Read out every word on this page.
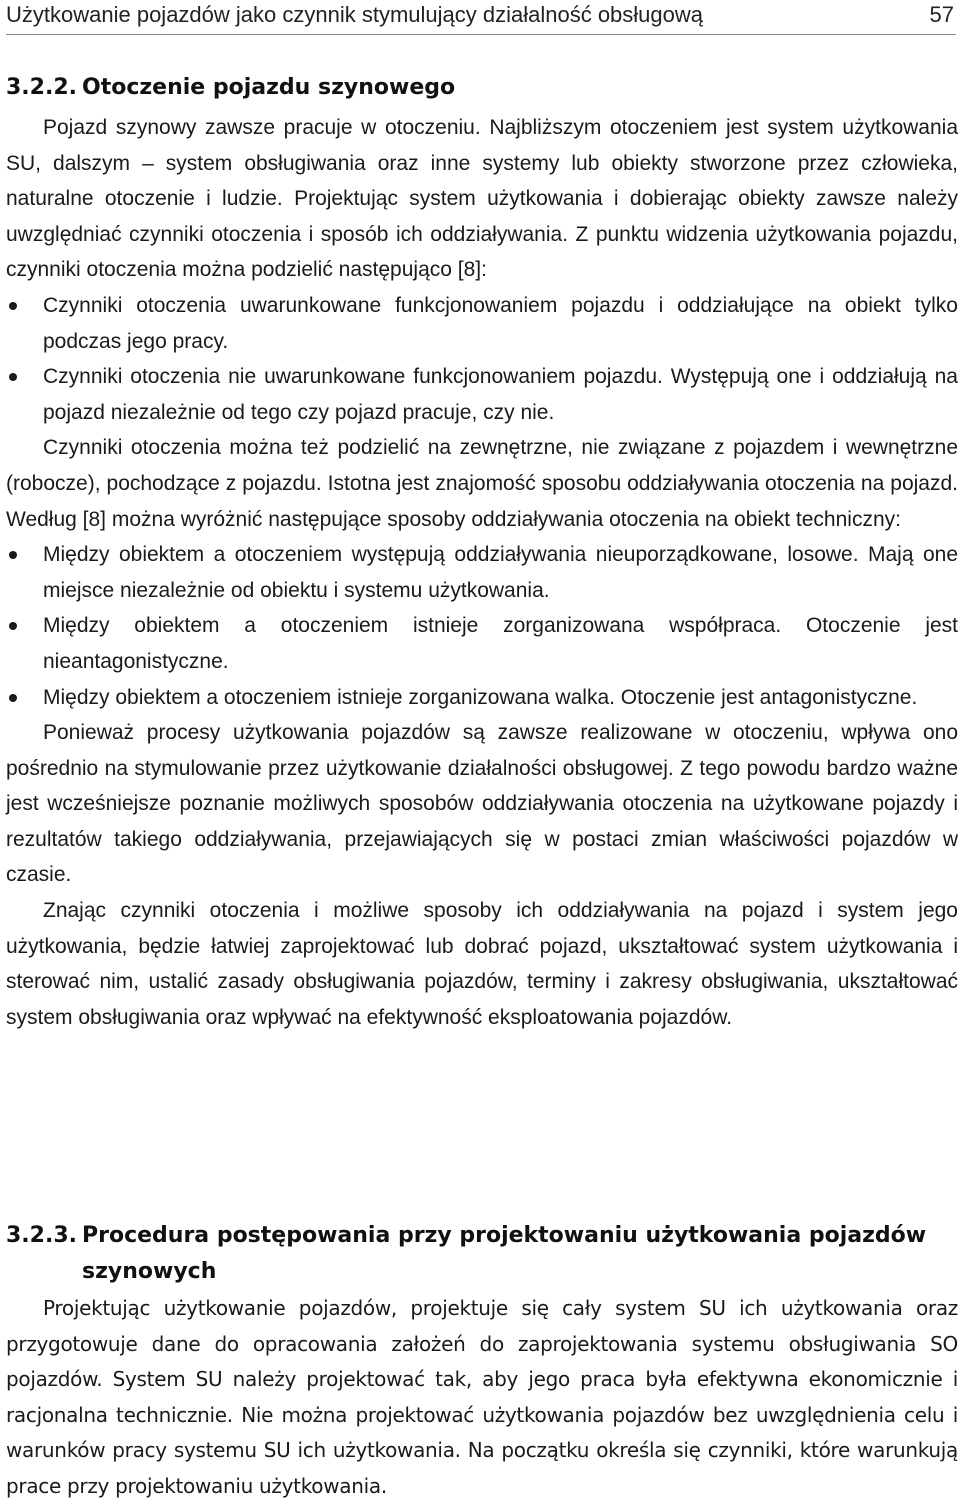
Użytkowanie pojazdów jako czynnik stymulujący działalność obsługową	57
3.2.2. Otoczenie pojazdu szynowego

Pojazd szynowy zawsze pracuje w otoczeniu. Najbliższym otoczeniem jest system użytkowania SU, dalszym – system obsługiwania oraz inne systemy lub obiekty stworzone przez człowieka, naturalne otoczenie i ludzie. Projektując system użytkowania i dobierając obiekty zawsze należy uwzględniać czynniki otoczenia i sposób ich oddziaływania. Z punktu widzenia użytkowania pojazdu, czynniki otoczenia można podzielić następująco [8]:

Czynniki otoczenia uwarunkowane funkcjonowaniem pojazdu i oddziałujące na obiekt tylko podczas jego pracy.
Czynniki otoczenia nie uwarunkowane funkcjonowaniem pojazdu. Występują one i oddziałują na pojazd niezależnie od tego czy pojazd pracuje, czy nie.

Czynniki otoczenia można też podzielić na zewnętrzne, nie związane z pojazdem i wewnętrzne (robocze), pochodzące z pojazdu. Istotna jest znajomość sposobu oddziaływania otoczenia na pojazd. Według [8] można wyróżnić następujące sposoby oddziaływania otoczenia na obiekt techniczny:

Między obiektem a otoczeniem występują oddziaływania nieuporządkowane, losowe. Mają one miejsce niezależnie od obiektu i systemu użytkowania.
Między obiektem a otoczeniem istnieje zorganizowana współpraca. Otoczenie jest nieantagonistyczne.
Między obiektem a otoczeniem istnieje zorganizowana walka. Otoczenie jest antagonistyczne.

Ponieważ procesy użytkowania pojazdów są zawsze realizowane w otoczeniu, wpływa ono pośrednio na stymulowanie przez użytkowanie działalności obsługowej. Z tego powodu bardzo ważne jest wcześniejsze poznanie możliwych sposobów oddziaływania otoczenia na użytkowane pojazdy i rezultatów takiego oddziaływania, przejawiających się w postaci zmian właściwości pojazdów w czasie.

Znając czynniki otoczenia i możliwe sposoby ich oddziaływania na pojazd i system jego użytkowania, będzie łatwiej zaprojektować lub dobrać pojazd, ukształtować system użytkowania i sterować nim, ustalić zasady obsługiwania pojazdów, terminy i zakresy obsługiwania, ukształtować system obsługiwania oraz wpływać na efektywność eksploatowania pojazdów.

3.2.3. Procedura postępowania przy projektowaniu użytkowania pojazdów szynowych

Projektując użytkowanie pojazdów, projektuje się cały system SU ich użytkowania oraz przygotowuje dane do opracowania założeń do zaprojektowania systemu obsługiwania SO pojazdów. System SU należy projektować tak, aby jego praca była efektywna ekonomicznie i racjonalna technicznie. Nie można projektować użytkowania pojazdów bez uwzględnienia celu i warunków pracy systemu SU ich użytkowania. Na początku określa się czynniki, które warunkują prace przy projektowaniu użytkowania.
